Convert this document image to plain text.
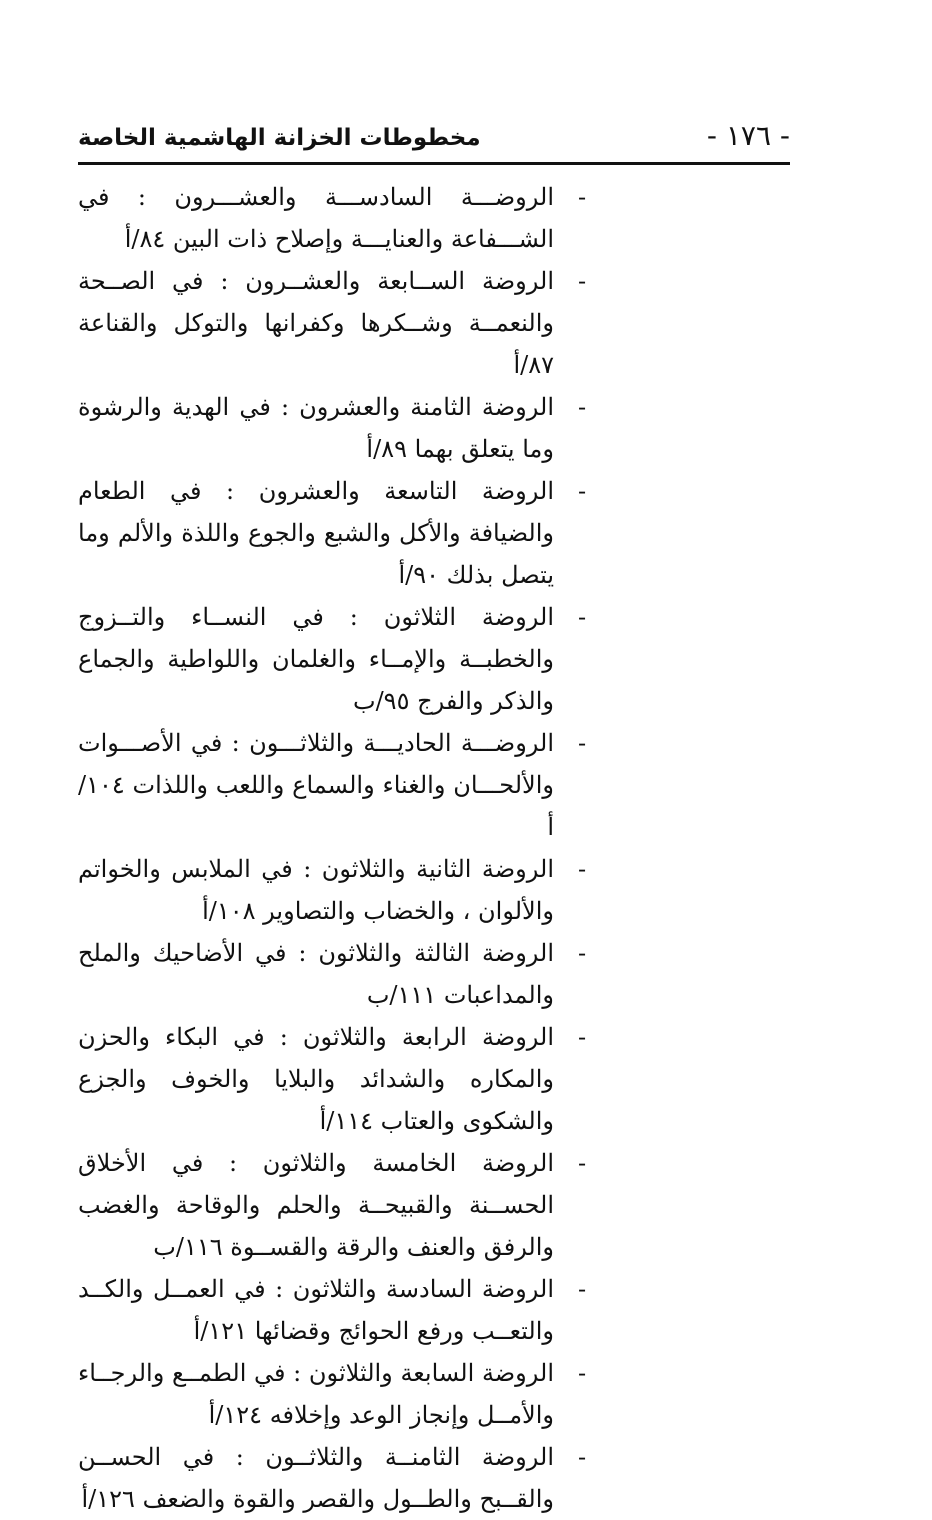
- ١٧٦ -
مخطوطات الخزانة الهاشمية الخاصة
-
الروضـــة السادســـة والعشـــرون : في الشـــفاعة والعنايـــة وإصلاح ذات البين ٨٤/أ
-
الروضة الســابعة والعشــرون : في الصــحة والنعمــة وشــكرها وكفرانها والتوكل والقناعة ٨٧/أ
-
الروضة الثامنة والعشرون : في الهدية والرشوة وما يتعلق بهما ٨٩/أ
-
الروضة التاسعة والعشرون : في الطعام والضيافة والأكل والشبع والجوع واللذة والألم وما يتصل بذلك ٩٠/أ
-
الروضة الثلاثون : في النســاء والتــزوج والخطبــة والإمــاء والغلمان واللواطية والجماع والذكر والفرج ٩٥/ب
-
الروضـــة الحاديـــة والثلاثـــون : في الأصـــوات والألحـــان والغناء والسماع واللعب واللذات ١٠٤/أ
-
الروضة الثانية والثلاثون : في الملابس والخواتم والألوان ، والخضاب والتصاوير ١٠٨/أ
-
الروضة الثالثة والثلاثون : في الأضاحيك والملح والمداعبات ١١١/ب
-
الروضة الرابعة والثلاثون : في البكاء والحزن والمكاره والشدائد والبلايا والخوف والجزع والشكوى والعتاب ١١٤/أ
-
الروضة الخامسة والثلاثون : في الأخلاق الحســنة والقبيحــة والحلم والوقاحة والغضب والرفق والعنف والرقة والقســوة ١١٦/ب
-
الروضة السادسة والثلاثون : في العمــل والكــد والتعــب ورفع الحوائج وقضائها ١٢١/أ
-
الروضة السابعة والثلاثون : في الطمــع والرجــاء والأمــل وإنجاز الوعد وإخلافه ١٢٤/أ
-
الروضة الثامنــة والثلاثــون : في الحســن والقــبح والطــول والقصر والقوة والضعف ١٢٦/أ
